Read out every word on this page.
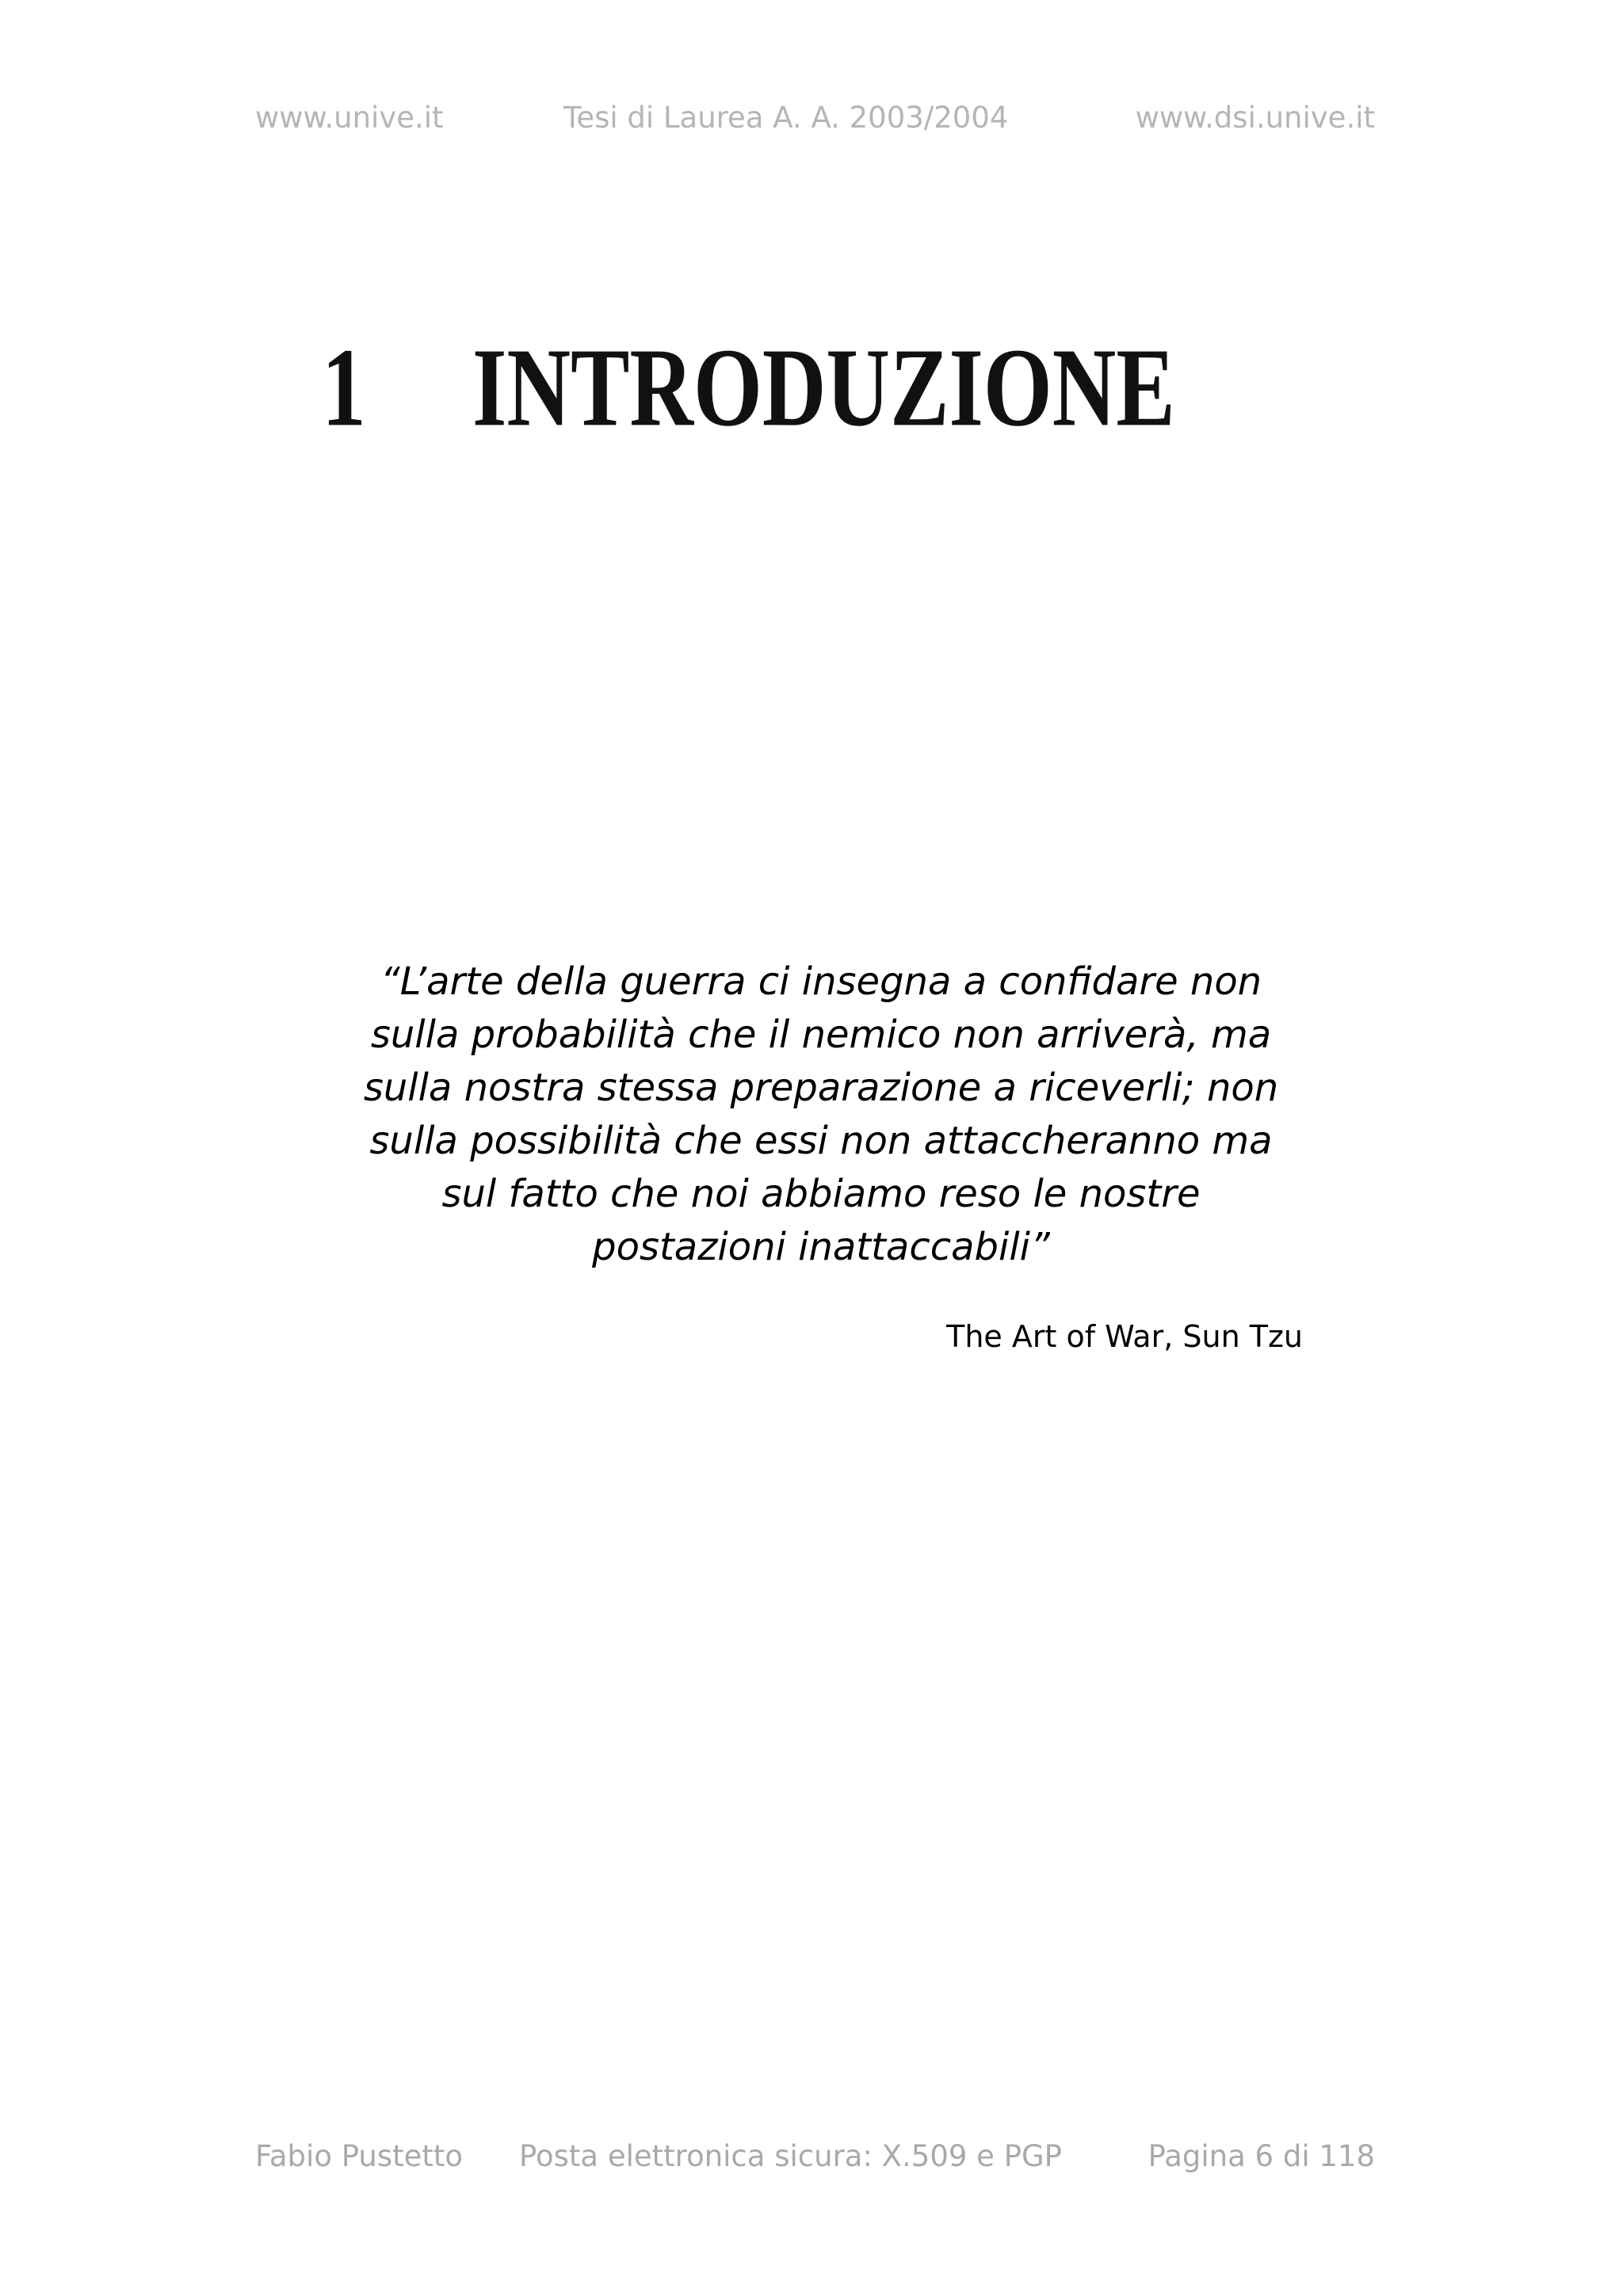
www.unive.it	Tesi di Laurea A. A. 2003/2004	www.dsi.unive.it
1 INTRODUZIONE
“L’arte della guerra ci insegna a confidare non
sulla probabilità che il nemico non arriverà, ma
sulla nostra stessa preparazione a riceverli; non
sulla possibilità che essi non attaccheranno ma
sul fatto che noi abbiamo reso le nostre
postazioni inattaccabili”
The Art of War, Sun Tzu
Fabio Pustetto Posta elettronica sicura: X.509 e PGP	Pagina 6 di 118
